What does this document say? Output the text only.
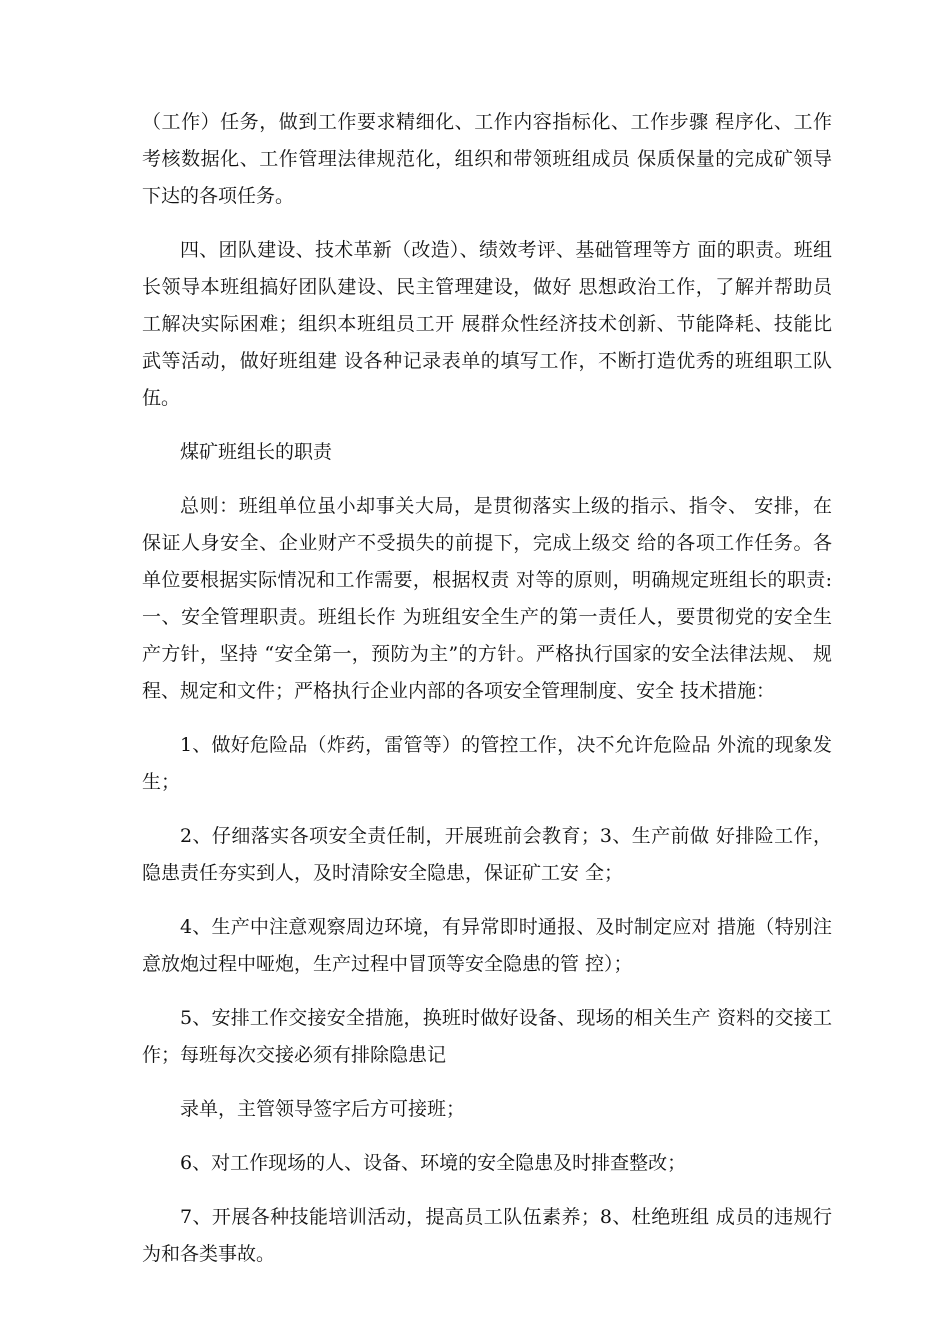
（工作）任务，做到工作要求精细化、工作内容指标化、工作步骤 程序化、工作考核数据化、工作管理法律规范化，组织和带领班组成员 保质保量的完成矿领导下达的各项任务。

四、团队建设、技术革新（改造）、绩效考评、基础管理等方 面的职责。班组长领导本班组搞好团队建设、民主管理建设，做好 思想政治工作，了解并帮助员工解决实际困难；组织本班组员工开 展群众性经济技术创新、节能降耗、技能比武等活动，做好班组建 设各种记录表单的填写工作，不断打造优秀的班组职工队伍。

煤矿班组长的职责

总则：班组单位虽小却事关大局，是贯彻落实上级的指示、指令、 安排，在保证人身安全、企业财产不受损失的前提下，完成上级交 给的各项工作任务。各单位要根据实际情况和工作需要，根据权责 对等的原则，明确规定班组长的职责:一、安全管理职责。班组长作 为班组安全生产的第一责任人，要贯彻党的安全生产方针，坚持 “安全第一，预防为主”的方针。严格执行国家的安全法律法规、 规程、规定和文件；严格执行企业内部的各项安全管理制度、安全 技术措施：

1、做好危险品（炸药，雷管等）的管控工作，决不允许危险品 外流的现象发生；

2、仔细落实各项安全责任制，开展班前会教育；3、生产前做 好排险工作，隐患责任夯实到人，及时清除安全隐患，保证矿工安 全；

4、生产中注意观察周边环境，有异常即时通报、及时制定应对 措施（特别注意放炮过程中哑炮，生产过程中冒顶等安全隐患的管 控）；

5、安排工作交接安全措施，换班时做好设备、现场的相关生产 资料的交接工作；每班每次交接必须有排除隐患记

录单，主管领导签字后方可接班；

6、对工作现场的人、设备、环境的安全隐患及时排查整改；

7、开展各种技能培训活动，提高员工队伍素养；8、杜绝班组 成员的违规行为和各类事故。
